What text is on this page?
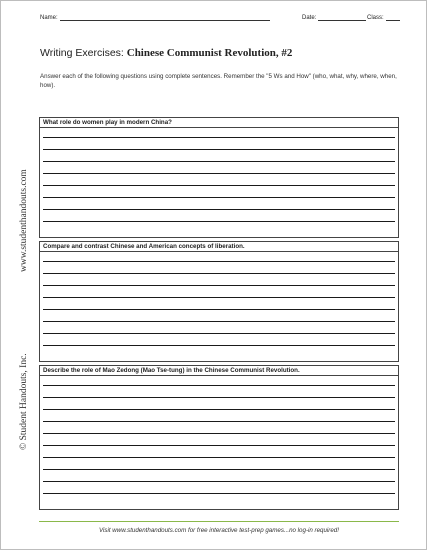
www.studenthandouts.com
© Student Handouts, Inc.
Name:	Date:	Class:
Writing Exercises: Chinese Communist Revolution, #2
Answer each of the following questions using complete sentences. Remember the "5 Ws and How" (who, what, why, where, when, how).
What role do women play in modern China?
Compare and contrast Chinese and American concepts of liberation.
Describe the role of Mao Zedong (Mao Tse-tung) in the Chinese Communist Revolution.
Visit www.studenthandouts.com for free interactive test-prep games...no log-in required!
